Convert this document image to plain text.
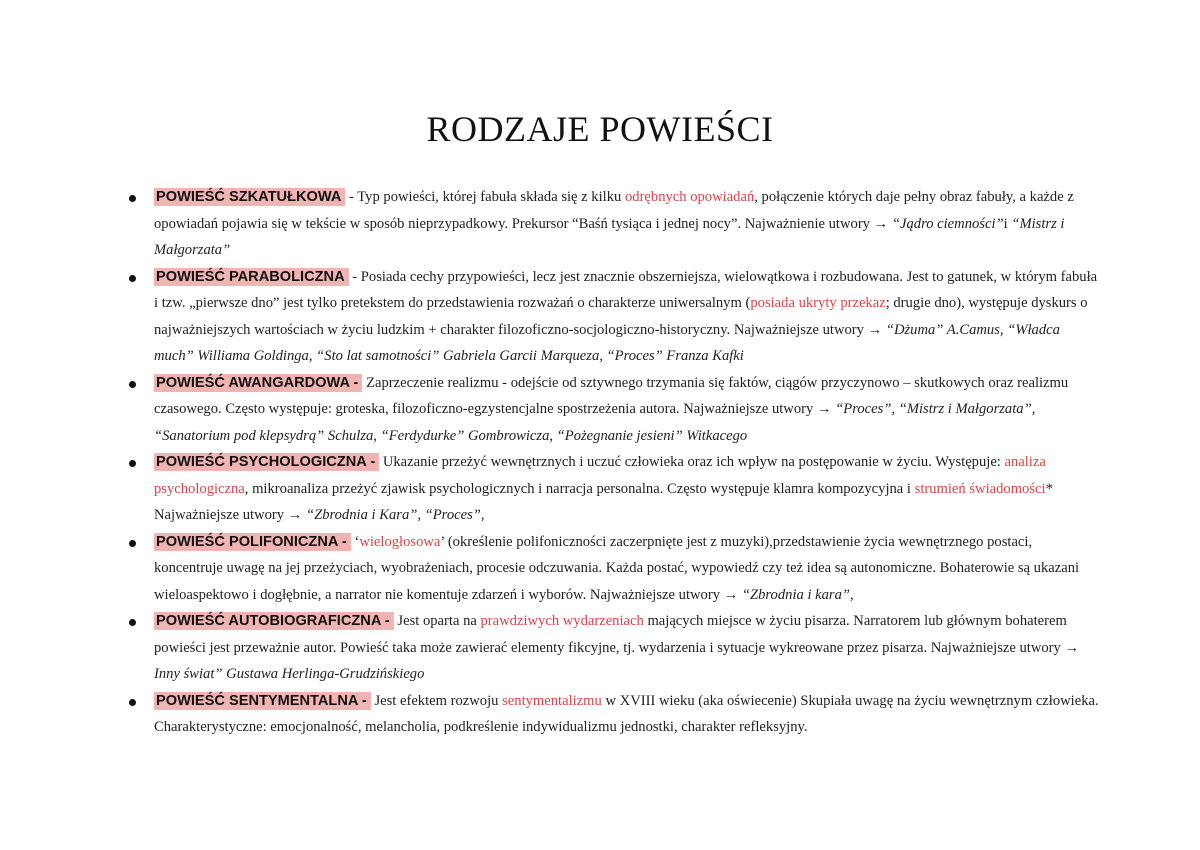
RODZAJE POWIEŚCI
POWIEŚĆ SZKATUŁKOWA - Typ powieści, której fabuła składa się z kilku odrębnych opowiadań, połączenie których daje pełny obraz fabuły, a każde z opowiadań pojawia się w tekście w sposób nieprzypadkowy. Prekursor “Baśń tysiąca i jednej nocy”. Najważnienie utwory → “Jądro ciemności”i “Mistrz i Małgorzata”
POWIEŚĆ PARABOLICZNA - Posiada cechy przypowieści, lecz jest znacznie obszerniejsza, wielowątkowa i rozbudowana. Jest to gatunek, w którym fabuła i tzw. „pierwsze dno” jest tylko pretekstem do przedstawienia rozważań o charakterze uniwersalnym (posiada ukryty przekaz; drugie dno), występuje dyskurs o najważniejszych wartościach w życiu ludzkim + charakter filozoficzno-socjologiczno-historyczny. Najważniejsze utwory → “Dżuma” A.Camus, “Władca much” Williama Goldinga, “Sto lat samotności” Gabriela Garcii Marqueza, “Proces” Franza Kafki
POWIEŚĆ AWANGARDOWA - Zaprzeczenie realizmu - odejście od sztywnego trzymania się faktów, ciągów przyczynowo – skutkowych oraz realizmu czasowego. Często występuje: groteska, filozoficzno-egzystencjalne spostrzeżenia autora. Najważniejsze utwory → “Proces”, “Mistrz i Małgorzata”, “Sanatorium pod klepsydrą” Schulza, “Ferdydurke” Gombrowicza, “Pożegnanie jesieni” Witkacego
POWIEŚĆ PSYCHOLOGICZNA - Ukazanie przeżyć wewnętrznych i uczuć człowieka oraz ich wpływ na postępowanie w życiu. Występuje: analiza psychologiczna, mikroanaliza przeżyć zjawisk psychologicznych i narracja personalna. Często występuje klamra kompozycyjna i strumień świadomości* Najważniejsze utwory → “Zbrodnia i Kara”, “Proces”,
POWIEŚĆ POLIFONICZNA - ‘wielogłosowa’ (określenie polifoniczności zaczerpnięte jest z muzyki),przedstawienie życia wewnętrznego postaci, koncentruje uwagę na jej przeżyciach, wyobrażeniach, procesie odczuwania. Każda postać, wypowiedź czy też idea są autonomiczne. Bohaterowie są ukazani wieloaspektowo i dogłębnie, a narrator nie komentuje zdarzeń i wyborów. Najważniejsze utwory → “Zbrodnia i kara”,
POWIEŚĆ AUTOBIOGRAFICZNA - Jest oparta na prawdziwych wydarzeniach mających miejsce w życiu pisarza. Narratorem lub głównym bohaterem powieści jest przeważnie autor. Powieść taka może zawierać elementy fikcyjne, tj. wydarzenia i sytuacje wykreowane przez pisarza. Najważniejsze utwory → Inny świat” Gustawa Herlinga-Grudzińskiego
POWIEŚĆ SENTYMENTALNA - Jest efektem rozwoju sentymentalizmu w XVIII wieku (aka oświecenie) Skupiała uwagę na życiu wewnętrznym człowieka. Charakterystyczne: emocjonalność, melancholia, podkreślenie indywidualizmu jednostki, charakter refleksyjny.
